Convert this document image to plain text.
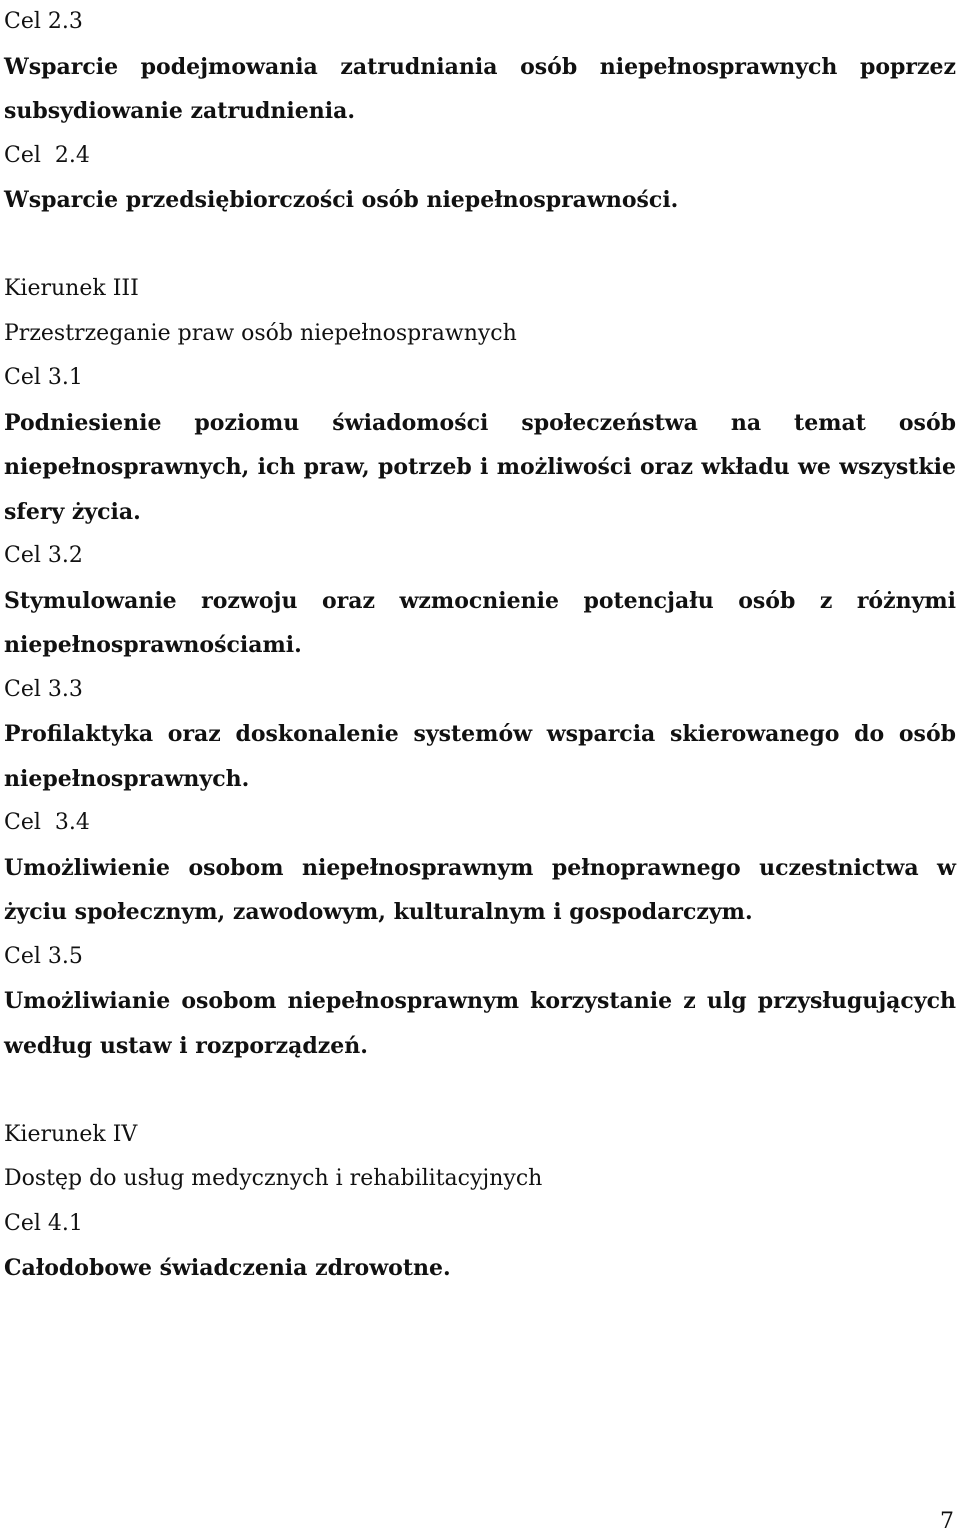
Cel 2.3
Wsparcie podejmowania zatrudniania osób niepełnosprawnych poprzez subsydiowanie zatrudnienia.
Cel  2.4
Wsparcie przedsiębiorczości osób niepełnosprawności.
Kierunek III
Przestrzeganie praw osób niepełnosprawnych
Cel 3.1
Podniesienie poziomu świadomości społeczeństwa na temat osób niepełnosprawnych, ich praw, potrzeb i możliwości oraz wkładu we wszystkie sfery życia.
Cel 3.2
Stymulowanie rozwoju oraz wzmocnienie potencjału osób z różnymi niepełnosprawnościami.
Cel 3.3
Profilaktyka oraz doskonalenie systemów wsparcia skierowanego do osób niepełnosprawnych.
Cel  3.4
Umożliwienie osobom niepełnosprawnym pełnoprawnego uczestnictwa w życiu społecznym, zawodowym, kulturalnym i gospodarczym.
Cel 3.5
Umożliwianie osobom niepełnosprawnym korzystanie z ulg przysługujących według ustaw i rozporządzeń.
Kierunek IV
Dostęp do usług medycznych i rehabilitacyjnych
Cel 4.1
Całodobowe świadczenia zdrowotne.
7
